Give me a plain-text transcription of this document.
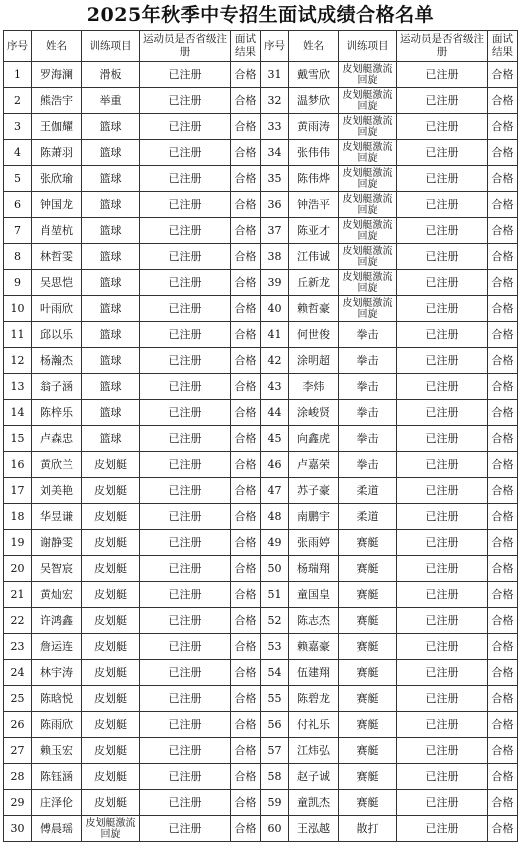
2025年秋季中专招生面试成绩合格名单
序号	姓名	训练项目	运动员是否省级注册	面试结果	序号	姓名	训练项目	运动员是否省级注册	面试结果
1	罗海澜	滑板	已注册	合格	31	戴雪欣	皮划艇激流回旋	已注册	合格
2	熊浩宇	举重	已注册	合格	32	温梦欣	皮划艇激流回旋	已注册	合格
3	王伽耀	篮球	已注册	合格	33	黄雨涛	皮划艇激流回旋	已注册	合格
4	陈萧羽	篮球	已注册	合格	34	张伟伟	皮划艇激流回旋	已注册	合格
5	张欣瑜	篮球	已注册	合格	35	陈伟烨	皮划艇激流回旋	已注册	合格
6	钟国龙	篮球	已注册	合格	36	钟浩平	皮划艇激流回旋	已注册	合格
7	肖堃杭	篮球	已注册	合格	37	陈亚才	皮划艇激流回旋	已注册	合格
8	林哲雯	篮球	已注册	合格	38	江伟诚	皮划艇激流回旋	已注册	合格
9	吴思恺	篮球	已注册	合格	39	丘新龙	皮划艇激流回旋	已注册	合格
10	叶雨欣	篮球	已注册	合格	40	赖哲豪	皮划艇激流回旋	已注册	合格
11	邱以乐	篮球	已注册	合格	41	何世俊	拳击	已注册	合格
12	杨瀚杰	篮球	已注册	合格	42	涂明超	拳击	已注册	合格
13	翁子涵	篮球	已注册	合格	43	李炜	拳击	已注册	合格
14	陈梓乐	篮球	已注册	合格	44	涂峻贤	拳击	已注册	合格
15	卢森忠	篮球	已注册	合格	45	向鑫虎	拳击	已注册	合格
16	黄欣兰	皮划艇	已注册	合格	46	卢嘉荣	拳击	已注册	合格
17	刘美艳	皮划艇	已注册	合格	47	苏子豪	柔道	已注册	合格
18	华昱谦	皮划艇	已注册	合格	48	南鹏宇	柔道	已注册	合格
19	谢静雯	皮划艇	已注册	合格	49	张雨婷	赛艇	已注册	合格
20	吴智宸	皮划艇	已注册	合格	50	杨瑞翔	赛艇	已注册	合格
21	黄灿宏	皮划艇	已注册	合格	51	童国皇	赛艇	已注册	合格
22	许鸿鑫	皮划艇	已注册	合格	52	陈志杰	赛艇	已注册	合格
23	詹运连	皮划艇	已注册	合格	53	赖嘉豪	赛艇	已注册	合格
24	林宇涛	皮划艇	已注册	合格	54	伍建翔	赛艇	已注册	合格
25	陈晗悦	皮划艇	已注册	合格	55	陈碧龙	赛艇	已注册	合格
26	陈雨欣	皮划艇	已注册	合格	56	付礼乐	赛艇	已注册	合格
27	赖玉宏	皮划艇	已注册	合格	57	江炜弘	赛艇	已注册	合格
28	陈钰涵	皮划艇	已注册	合格	58	赵子诚	赛艇	已注册	合格
29	庄泽伦	皮划艇	已注册	合格	59	童凯杰	赛艇	已注册	合格
30	傅晨瑶	皮划艇激流回旋	已注册	合格	60	王泓越	散打	已注册	合格
